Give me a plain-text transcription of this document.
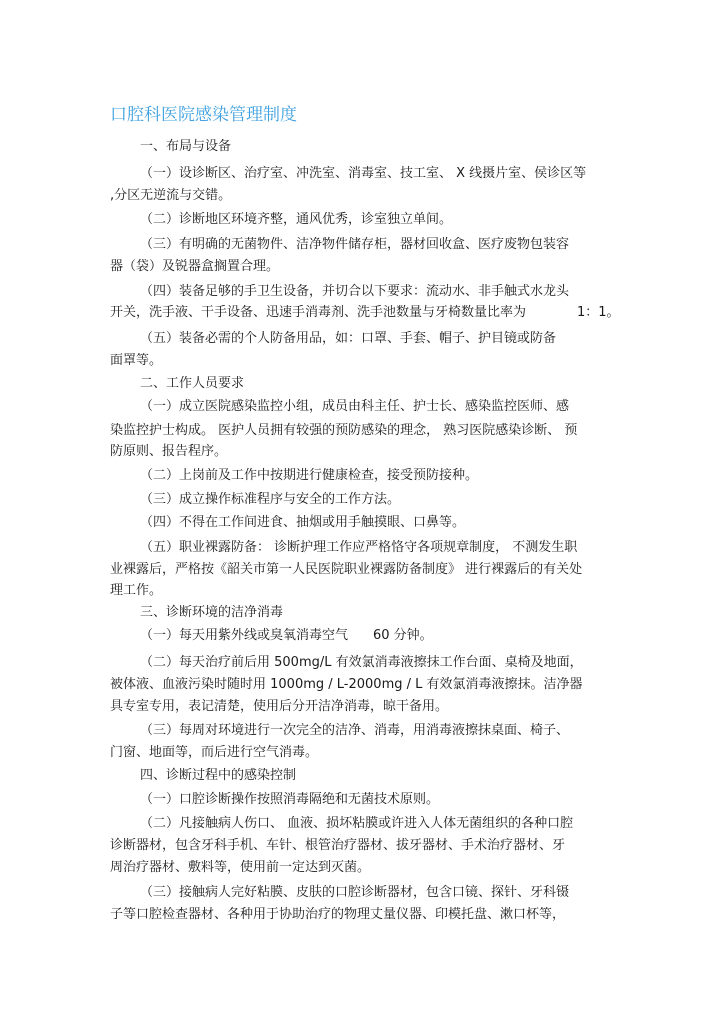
口腔科医院感染管理制度
一、布局与设备
（一）设诊断区、治疗室、冲洗室、消毒室、技工室、 X 线摄片室、侯诊区等
,分区无逆流与交错。
（二）诊断地区环境齐整，通风优秀，诊室独立单间。
（三）有明确的无菌物件、洁净物件储存柜，器材回收盒、医疗废物包装容
器（袋）及锐器盒搁置合理。
（四）装备足够的手卫生设备，并切合以下要求：流动水、非手触式水龙头
开关，洗手液、干手设备、迅速手消毒剂、洗手池数量与牙椅数量比率为	1：1。
（五）装备必需的个人防备用品，如：口罩、手套、帽子、护目镜或防备
面罩等。
二、工作人员要求
（一）成立医院感染监控小组，成员由科主任、护士长、感染监控医师、感
染监控护士构成。 医护人员拥有较强的预防感染的理念， 熟习医院感染诊断、 预
防原则、报告程序。
（二）上岗前及工作中按期进行健康检查，接受预防接种。
（三）成立操作标准程序与安全的工作方法。
（四）不得在工作间进食、抽烟或用手触摸眼、口鼻等。
（五）职业裸露防备： 诊断护理工作应严格恪守各项规章制度， 不测发生职
业裸露后，严格按《韶关市第一人民医院职业裸露防备制度》 进行裸露后的有关处
理工作。
三、诊断环境的洁净消毒
（一）每天用紫外线或臭氧消毒空气 60 分钟。
（二）每天治疗前后用 500mg/L 有效氯消毒液擦抹工作台面、桌椅及地面，
被体液、血液污染时随时用 1000mg / L-2000mg / L 有效氯消毒液擦抹。洁净器
具专室专用，表记清楚，使用后分开洁净消毒，晾干备用。
（三）每周对环境进行一次完全的洁净、消毒，用消毒液擦抹桌面、椅子、
门窗、地面等，而后进行空气消毒。
四、诊断过程中的感染控制
（一）口腔诊断操作按照消毒隔绝和无菌技术原则。
（二）凡接触病人伤口、 血液、损坏粘膜或许进入人体无菌组织的各种口腔
诊断器材，包含牙科手机、车针、根管治疗器材、拔牙器材、手术治疗器材、牙
周治疗器材、敷料等，使用前一定达到灭菌。
（三）接触病人完好粘膜、皮肤的口腔诊断器材，包含口镜、探针、牙科镊
子等口腔检查器材、各种用于协助治疗的物理丈量仪器、印模托盘、漱口杯等，
